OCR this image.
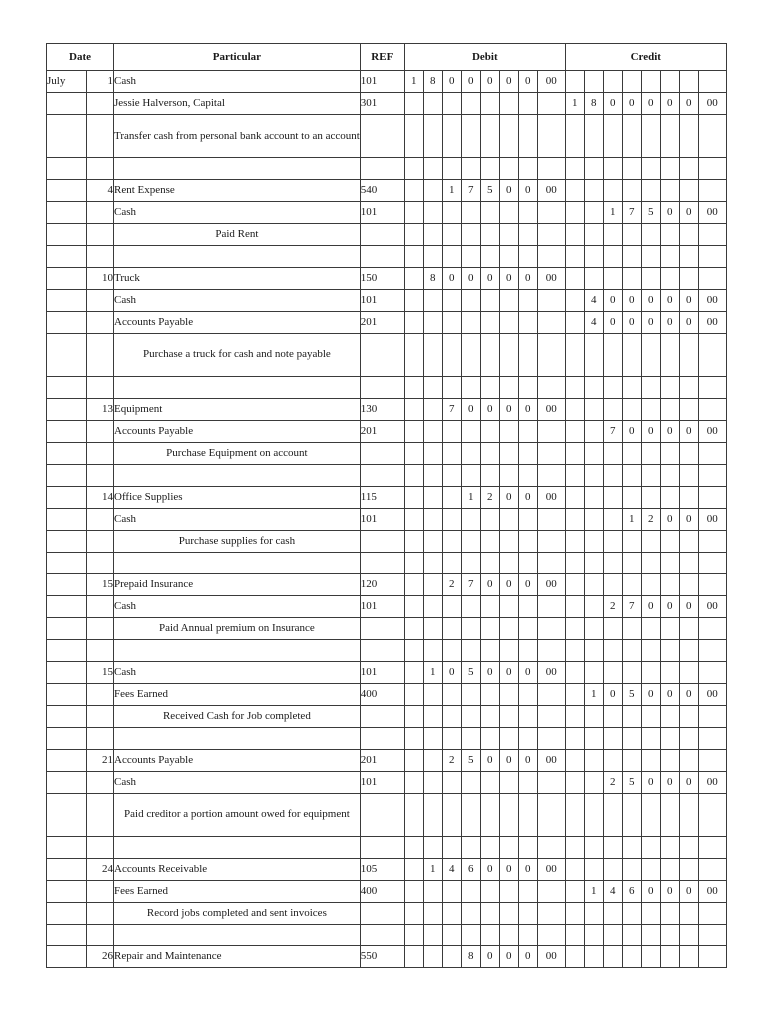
Date		Particular	REF	Debit								Credit							
July	1	Cash	101	1	8	0	0	0	0	0	00								
		Jessie Halverson, Capital	301									1	8	0	0	0	0	0	00
		Transfer cash from personal bank account to an account																	

	4	Rent Expense	540			1	7	5	0	0	00								
		Cash	101											1	7	5	0	0	00
		Paid Rent																	

	10	Truck	150		8	0	0	0	0	0	00								
		Cash	101										4	0	0	0	0	0	00
		Accounts Payable	201										4	0	0	0	0	0	00
		Purchase a truck for cash and note payable																	

	13	Equipment	130			7	0	0	0	0	00								
		Accounts Payable	201											7	0	0	0	0	00
		Purchase Equipment on account																	

	14	Office Supplies	115				1	2	0	0	00								
		Cash	101												1	2	0	0	00
		Purchase supplies for cash																	

	15	Prepaid Insurance	120			2	7	0	0	0	00								
		Cash	101											2	7	0	0	0	00
		Paid Annual premium on Insurance																	

	15	Cash	101		1	0	5	0	0	0	00								
		Fees Earned	400										1	0	5	0	0	0	00
		Received Cash for Job completed																	

	21	Accounts Payable	201			2	5	0	0	0	00								
		Cash	101											2	5	0	0	0	00
		Paid creditor a portion amount owed for equipment																	

	24	Accounts Receivable	105		1	4	6	0	0	0	00								
		Fees Earned	400										1	4	6	0	0	0	00
		Record jobs completed and sent invoices																	

	26	Repair and Maintenance	550				8	0	0	0	00								
